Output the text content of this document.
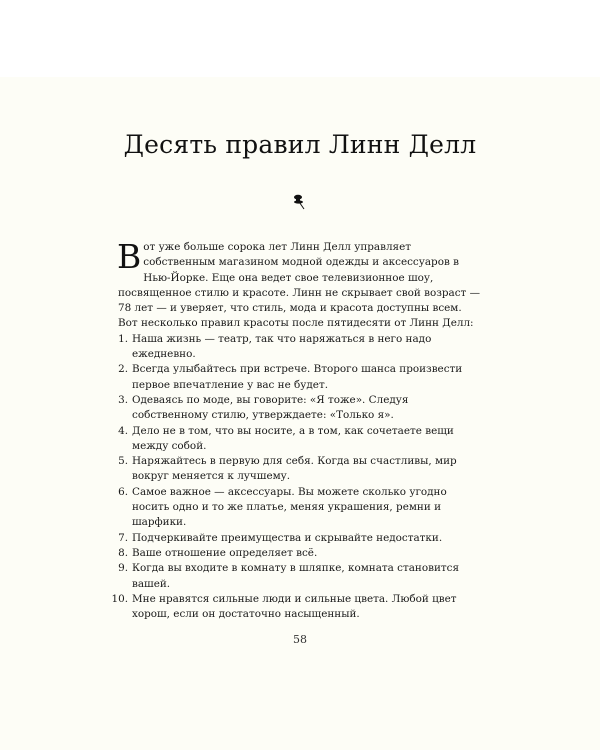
Десять правил Линн Делл

Вот уже больше сорока лет Линн Делл управляет собственным магазином модной одежды и аксессуаров в Нью-Йорке. Еще она ведет свое телевизионное шоу, посвященное стилю и красоте. Линн не скрывает свой возраст — 78 лет — и уверяет, что стиль, мода и красота доступны всем.

Вот несколько правил красоты после пятидесяти от Линн Делл:

1. Наша жизнь — театр, так что наряжаться в него надо ежедневно.
2. Всегда улыбайтесь при встрече. Второго шанса произвести первое впечатление у вас не будет.
3. Одеваясь по моде, вы говорите: «Я тоже». Следуя собственному стилю, утверждаете: «Только я».
4. Дело не в том, что вы носите, а в том, как сочетаете вещи между собой.
5. Наряжайтесь в первую для себя. Когда вы счастливы, мир вокруг меняется к лучшему.
6. Самое важное — аксессуары. Вы можете сколько угодно носить одно и то же платье, меняя украшения, ремни и шарфики.
7. Подчеркивайте преимущества и скрывайте недостатки.
8. Ваше отношение определяет всё.
9. Когда вы входите в комнату в шляпке, комната становится вашей.
10. Мне нравятся сильные люди и сильные цвета. Любой цвет хорош, если он достаточно насыщенный.
58
